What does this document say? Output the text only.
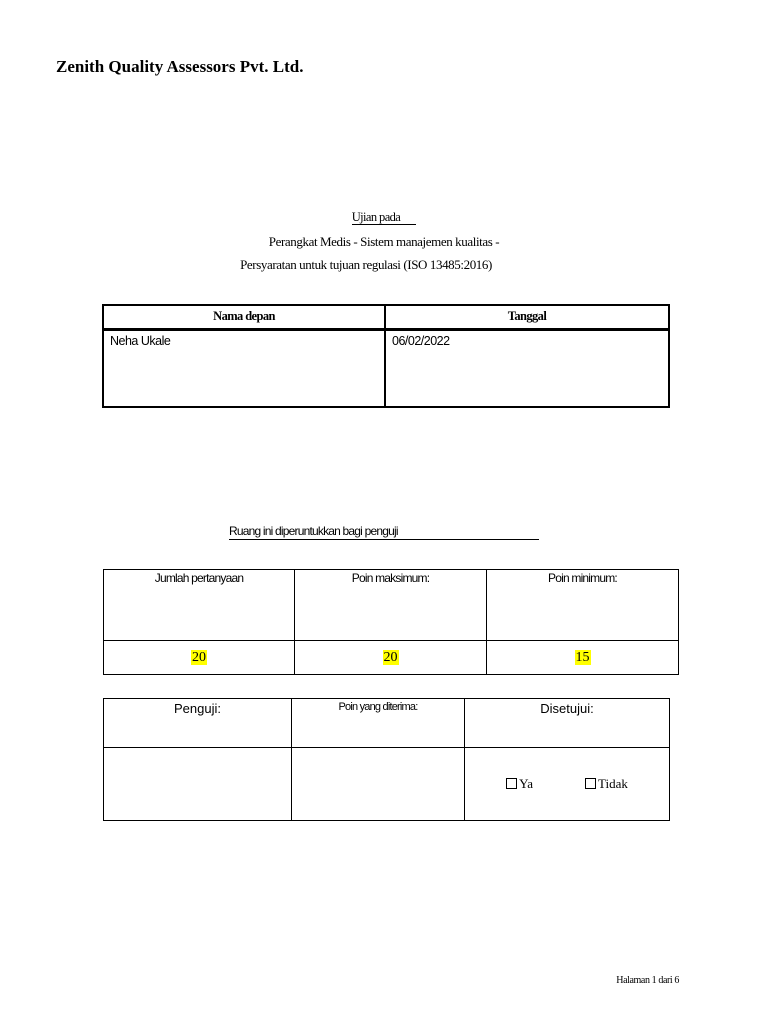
Zenith Quality Assessors Pvt. Ltd.
Ujian pada
Perangkat Medis - Sistem manajemen kualitas -
Persyaratan untuk tujuan regulasi (ISO 13485:2016)
Nama depan	Tanggal
Neha Ukale	06/02/2022
Ruang ini diperuntukkan bagi penguji
Jumlah pertanyaan	Poin maksimum:	Poin minimum:
20	20	15
Penguji:	Poin yang diterima:	Disetujui:
		Ya Tidak
Halaman 1 dari 6
